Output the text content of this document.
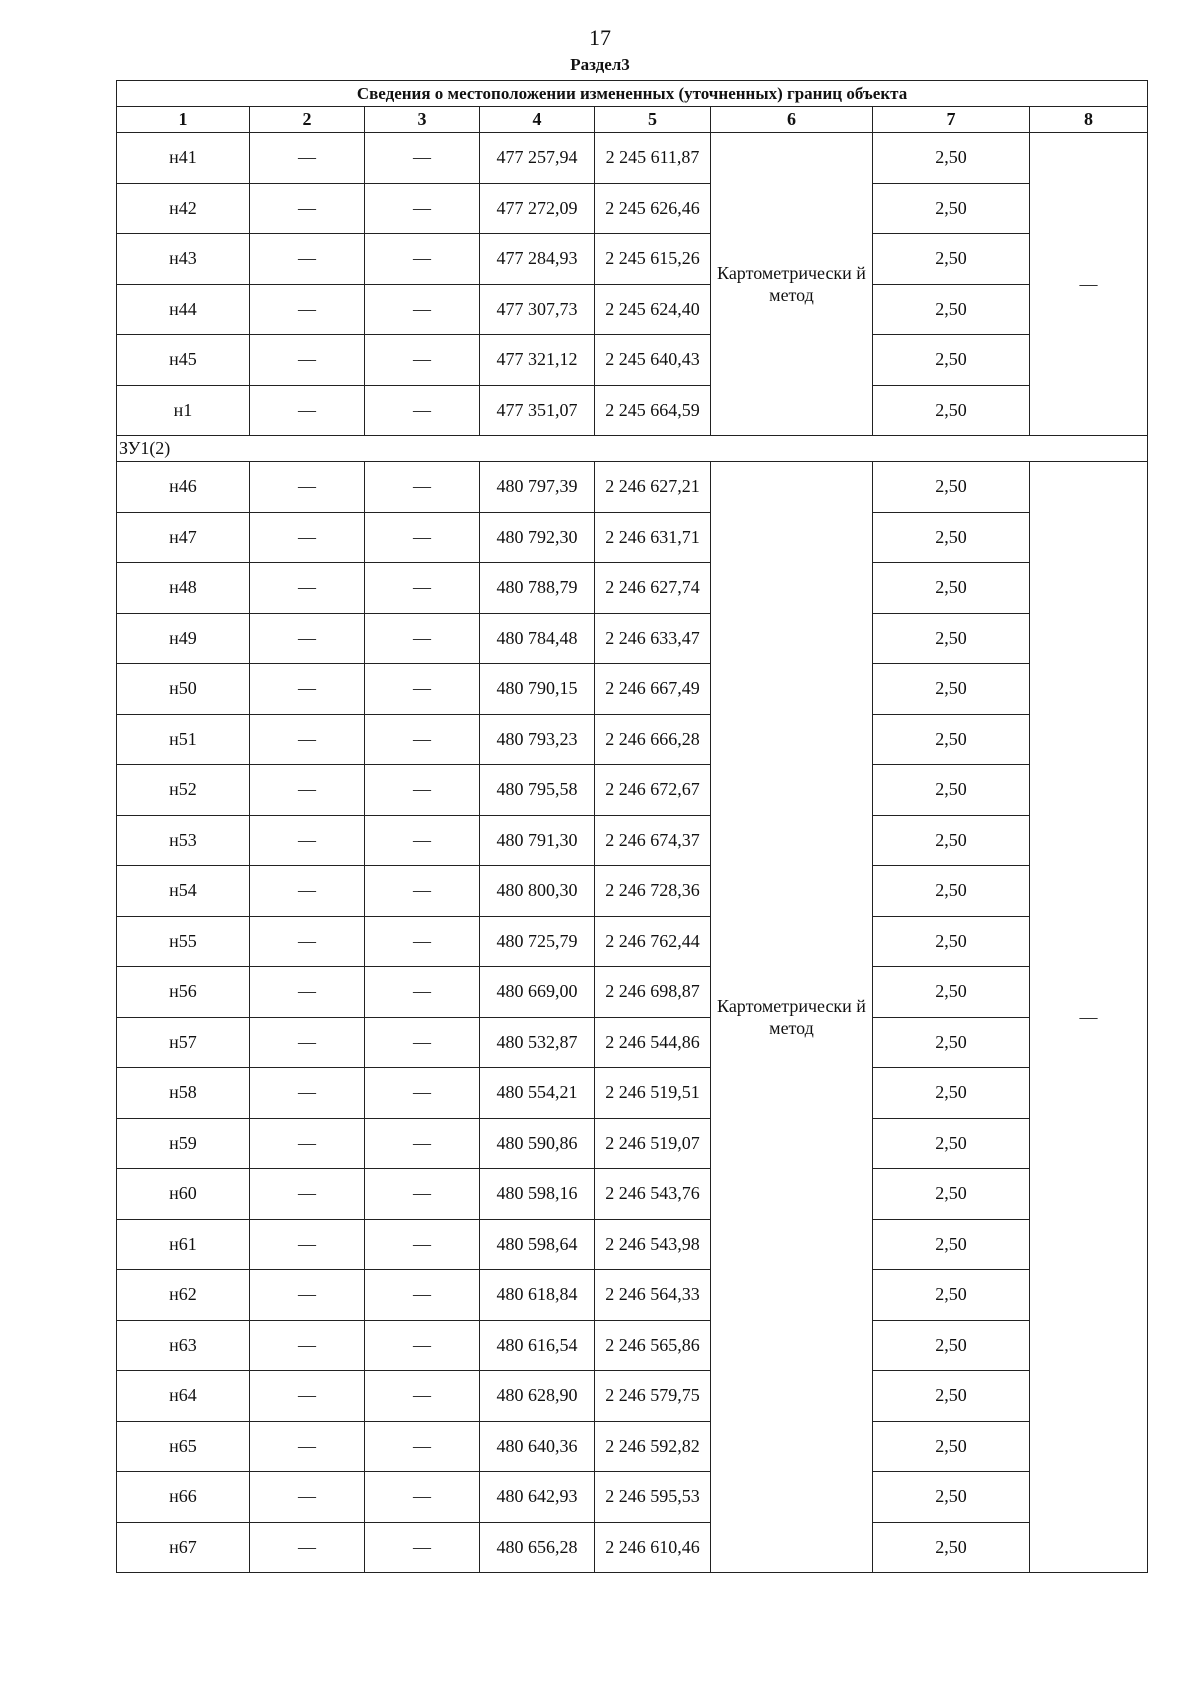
17
Раздел3
Сведения о местоположении измененных (уточненных) границ объекта							
1	2	3	4	5	6	7	8
н41	—	—	477 257,94	2 245 611,87	Картометрически й метод	2,50	—
н42	—	—	477 272,09	2 245 626,46		2,50	
н43	—	—	477 284,93	2 245 615,26		2,50	
н44	—	—	477 307,73	2 245 624,40		2,50	
н45	—	—	477 321,12	2 245 640,43		2,50	
н1	—	—	477 351,07	2 245 664,59		2,50	
ЗУ1(2)							
н46	—	—	480 797,39	2 246 627,21	Картометрически й метод	2,50	—
н47	—	—	480 792,30	2 246 631,71		2,50	
н48	—	—	480 788,79	2 246 627,74		2,50	
н49	—	—	480 784,48	2 246 633,47		2,50	
н50	—	—	480 790,15	2 246 667,49		2,50	
н51	—	—	480 793,23	2 246 666,28		2,50	
н52	—	—	480 795,58	2 246 672,67		2,50	
н53	—	—	480 791,30	2 246 674,37		2,50	
н54	—	—	480 800,30	2 246 728,36		2,50	
н55	—	—	480 725,79	2 246 762,44		2,50	
н56	—	—	480 669,00	2 246 698,87		2,50	
н57	—	—	480 532,87	2 246 544,86		2,50	
н58	—	—	480 554,21	2 246 519,51		2,50	
н59	—	—	480 590,86	2 246 519,07		2,50	
н60	—	—	480 598,16	2 246 543,76		2,50	
н61	—	—	480 598,64	2 246 543,98		2,50	
н62	—	—	480 618,84	2 246 564,33		2,50	
н63	—	—	480 616,54	2 246 565,86		2,50	
н64	—	—	480 628,90	2 246 579,75		2,50	
н65	—	—	480 640,36	2 246 592,82		2,50	
н66	—	—	480 642,93	2 246 595,53		2,50	
н67	—	—	480 656,28	2 246 610,46		2,50	
